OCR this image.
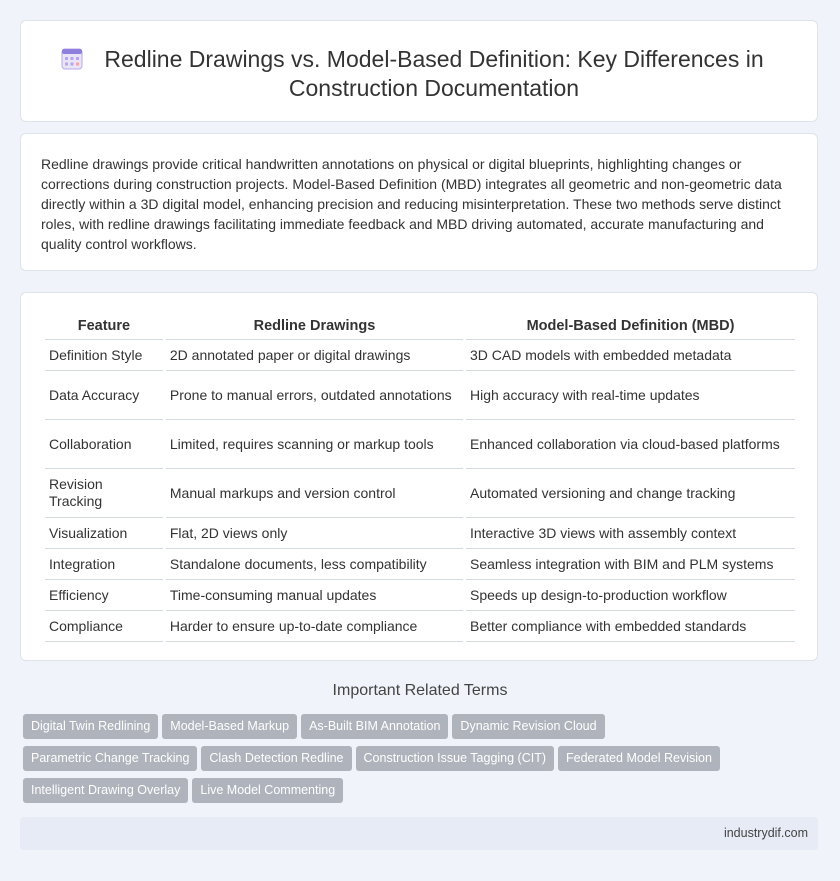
Redline Drawings vs. Model-Based Definition: Key Differences in Construction Documentation

Redline drawings provide critical handwritten annotations on physical or digital blueprints, highlighting changes or corrections during construction projects. Model-Based Definition (MBD) integrates all geometric and non-geometric data directly within a 3D digital model, enhancing precision and reducing misinterpretation. These two methods serve distinct roles, with redline drawings facilitating immediate feedback and MBD driving automated, accurate manufacturing and quality control workflows.

Feature	Redline Drawings	Model-Based Definition (MBD)
Definition Style	2D annotated paper or digital drawings	3D CAD models with embedded metadata
Data Accuracy	Prone to manual errors, outdated annotations	High accuracy with real-time updates
Collaboration	Limited, requires scanning or markup tools	Enhanced collaboration via cloud-based platforms
Revision Tracking	Manual markups and version control	Automated versioning and change tracking
Visualization	Flat, 2D views only	Interactive 3D views with assembly context
Integration	Standalone documents, less compatibility	Seamless integration with BIM and PLM systems
Efficiency	Time-consuming manual updates	Speeds up design-to-production workflow
Compliance	Harder to ensure up-to-date compliance	Better compliance with embedded standards
Important Related Terms
Digital Twin Redlining Model-Based Markup As-Built BIM Annotation Dynamic Revision CloudParametric Change Tracking Clash Detection Redline Construction Issue Tagging (CIT) Federated Model RevisionIntelligent Drawing Overlay Live Model Commenting
industrydif.com
